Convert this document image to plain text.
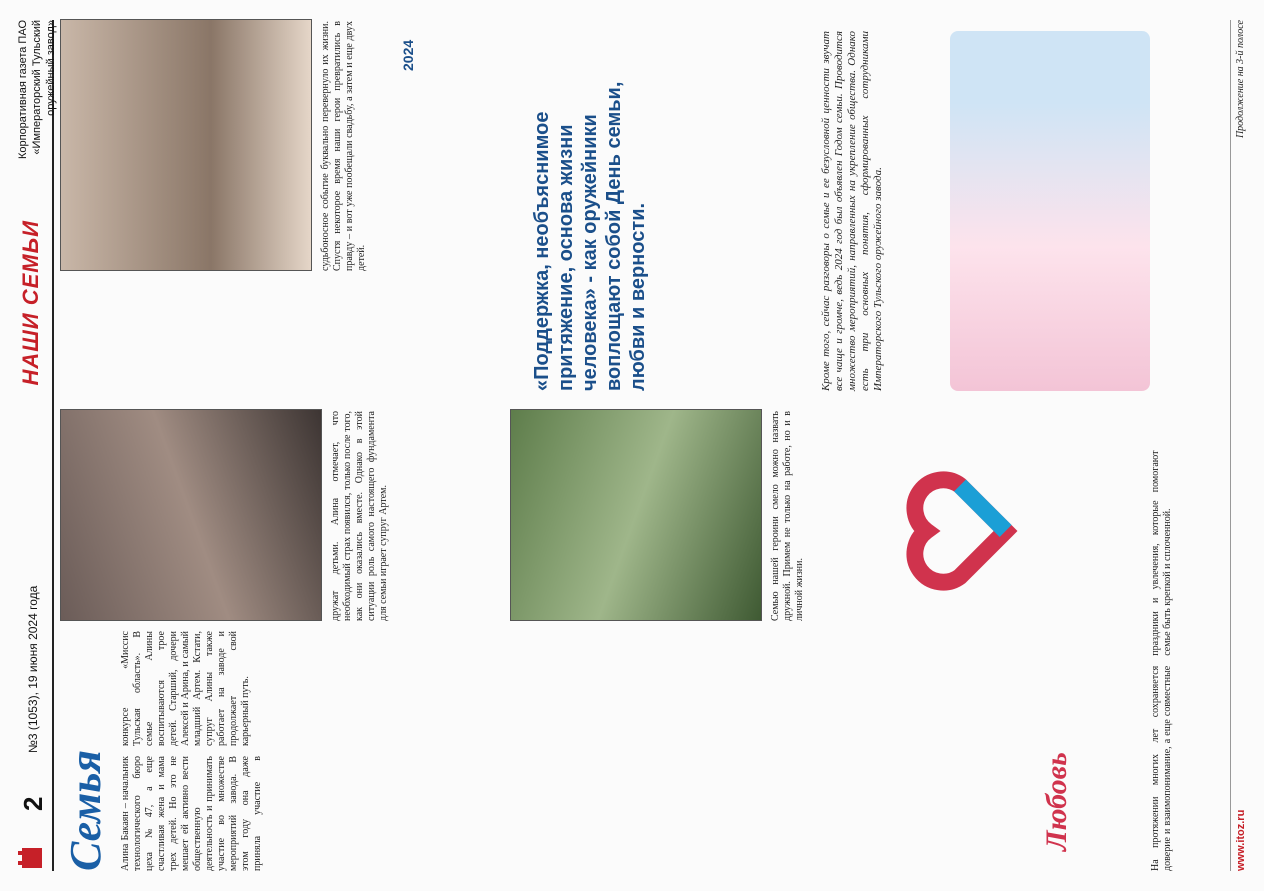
2
№3 (1053), 19 июня 2024 года
НАШИ СЕМЬИ
Корпоративная газета ПАО «Императорский Тульский оружейный завод»
Семья	Алина Бакаян – начальник технологического бюро цеха №47, а еще счастливая жена и мама трех детей. Но это не мешает ей активно вести общественную деятельность и принимать участие во множестве мероприятий завода. В этом году она даже приняла участие в конкурсе «Миссис Тульская область». В семье Алины воспитываются трое детей. Старший, дочери Алексей и Арина, и самый младший Артем. Кстати, супруг Алины также работает на заводе и продолжает свой карьерный путь.
дружат детьми. Алина отмечает, что необходимый страх появился, только после того, как они оказались вместе. Однако в этой ситуации роль самого настоящего фундамента для семьи играет супруг Артем.
судьбоносное событие буквально перевернуло их жизни. Спустя некоторое время наши герои превратились в правду – и вот уже пообещали свадьбу, а затем и еще двух детей.
Семью нашей героини смело можно назвать дружной. Примем не только на работе, но и в личной жизни.
«Поддержка, необъяснимое притяжение, основа жизни человека» - как оружейники воплощают собой День семьи, любви и верности.
2024	Кроме того, сейчас разговоры о семье и ее безусловной ценности звучат все чаще и громче, ведь 2024 год был объявлен Годом семьи. Проводится множество мероприятий, направленных на укрепление общества. Однако есть три основных понятия, сформированных сотрудниками Императорского Тульского оружейного завода.
Любовь	На протяжении многих лет сохраняется доверие и взаимопонимание, а еще совместные праздники и увлечения, которые помогают семье быть крепкой и сплоченной.
www.itoz.ru
Продолжение на 3-й полосе
